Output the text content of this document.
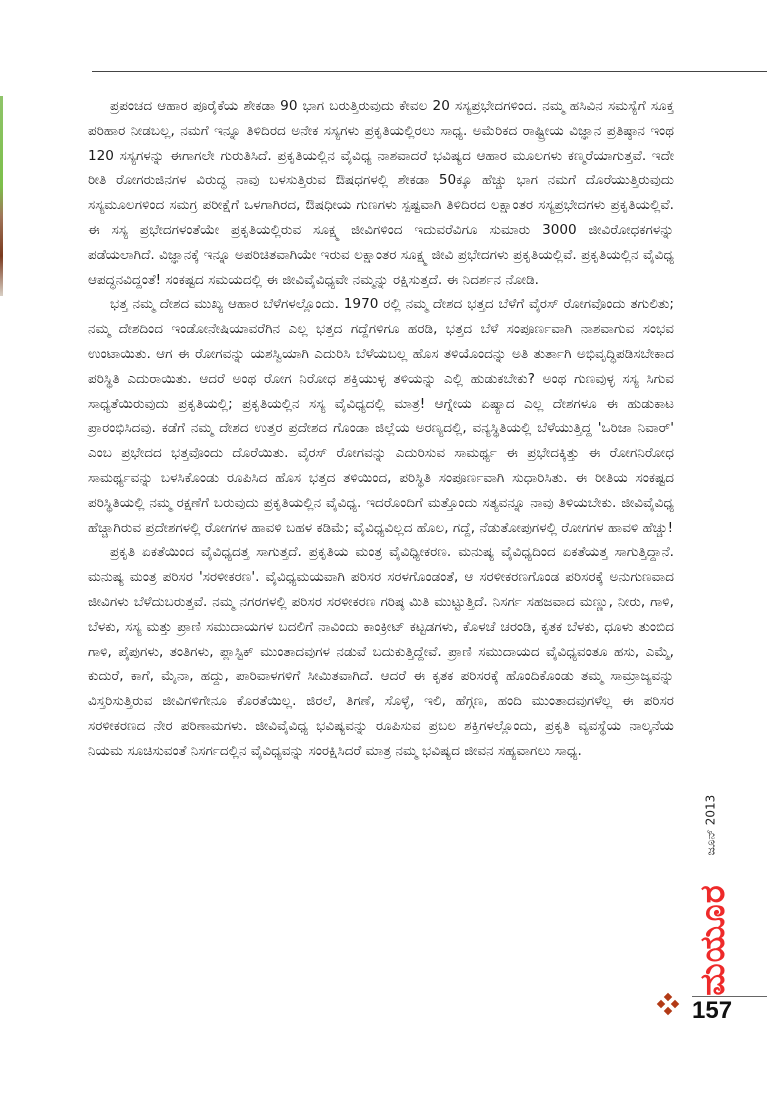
ಪ್ರಪಂಚದ ಆಹಾರ ಪೂರೈಕೆಯ ಶೇಕಡಾ 90 ಭಾಗ ಬರುತ್ತಿರುವುದು ಕೇವಲ 20 ಸಸ್ಯಪ್ರಭೇದಗಳಿಂದ. ನಮ್ಮ ಹಸಿವಿನ ಸಮಸ್ಯೆಗೆ ಸೂಕ್ತ ಪರಿಹಾರ ನೀಡಬಲ್ಲ, ನಮಗೆ ಇನ್ನೂ ತಿಳಿದಿರದ ಅನೇಕ ಸಸ್ಯಗಳು ಪ್ರಕೃತಿಯಲ್ಲಿರಲು ಸಾಧ್ಯ. ಅಮೆರಿಕದ ರಾಷ್ಟ್ರೀಯ ವಿಜ್ಞಾನ ಪ್ರತಿಷ್ಠಾನ ಇಂಥ 120 ಸಸ್ಯಗಳನ್ನು ಈಗಾಗಲೇ ಗುರುತಿಸಿದೆ. ಪ್ರಕೃತಿಯಲ್ಲಿನ ವೈವಿಧ್ಯ ನಾಶವಾದರೆ ಭವಿಷ್ಯದ ಆಹಾರ ಮೂಲಗಳು ಕಣ್ಮರೆಯಾಗುತ್ತವೆ. ಇದೇ ರೀತಿ ರೋಗರುಜಿನಗಳ ವಿರುದ್ಧ ನಾವು ಬಳಸುತ್ತಿರುವ ಔಷಧಗಳಲ್ಲಿ ಶೇಕಡಾ 50ಕ್ಕೂ ಹೆಚ್ಚು ಭಾಗ ನಮಗೆ ದೊರೆಯುತ್ತಿರುವುದು ಸಸ್ಯಮೂಲಗಳಿಂದ ಸಮಗ್ರ ಪರೀಕ್ಷೆಗೆ ಒಳಗಾಗಿರದ, ಔಷಧೀಯ ಗುಣಗಳು ಸ್ಪಷ್ಟವಾಗಿ ತಿಳಿದಿರದ ಲಕ್ಷಾಂತರ ಸಸ್ಯಪ್ರಭೇದಗಳು ಪ್ರಕೃತಿಯಲ್ಲಿವೆ. ಈ ಸಸ್ಯ ಪ್ರಭೇದಗಳಂತೆಯೇ ಪ್ರಕೃತಿಯಲ್ಲಿರುವ ಸೂಕ್ಷ್ಮ ಜೀವಿಗಳಿಂದ ಇದುವರೆವಿಗೂ ಸುಮಾರು 3000 ಜೀವಿರೋಧಕಗಳನ್ನು ಪಡೆಯಲಾಗಿದೆ. ವಿಜ್ಞಾನಕ್ಕೆ ಇನ್ನೂ ಅಪರಿಚಿತವಾಗಿಯೇ ಇರುವ ಲಕ್ಷಾಂತರ ಸೂಕ್ಷ್ಮ ಜೀವಿ ಪ್ರಭೇದಗಳು ಪ್ರಕೃತಿಯಲ್ಲಿವೆ. ಪ್ರಕೃತಿಯಲ್ಲಿನ ವೈವಿಧ್ಯ ಆಪದ್ಧನವಿದ್ದಂತೆ! ಸಂಕಷ್ಟದ ಸಮಯದಲ್ಲಿ ಈ ಜೀವಿವೈವಿಧ್ಯವೇ ನಮ್ಮನ್ನು ರಕ್ಷಿಸುತ್ತದೆ. ಈ ನಿದರ್ಶನ ನೋಡಿ.

ಭತ್ತ ನಮ್ಮ ದೇಶದ ಮುಖ್ಯ ಆಹಾರ ಬೆಳೆಗಳಲ್ಲೊಂದು. 1970 ರಲ್ಲಿ ನಮ್ಮ ದೇಶದ ಭತ್ತದ ಬೆಳೆಗೆ ವೈರಸ್ ರೋಗವೊಂದು ತಗುಲಿತು; ನಮ್ಮ ದೇಶದಿಂದ ಇಂಡೋನೇಷಿಯಾವರೆಗಿನ ಎಲ್ಲ ಭತ್ತದ ಗದ್ದೆಗಳಿಗೂ ಹರಡಿ, ಭತ್ತದ ಬೆಳೆ ಸಂಪೂರ್ಣವಾಗಿ ನಾಶವಾಗುವ ಸಂಭವ ಉಂಟಾಯಿತು. ಆಗ ಈ ರೋಗವನ್ನು ಯಶಸ್ವಿಯಾಗಿ ಎದುರಿಸಿ ಬೆಳೆಯಬಲ್ಲ ಹೊಸ ತಳಿಯೊಂದನ್ನು ಅತಿ ತುರ್ತಾಗಿ ಅಭಿವೃದ್ಧಿಪಡಿಸಬೇಕಾದ ಪರಿಸ್ಥಿತಿ ಎದುರಾಯಿತು. ಆದರೆ ಅಂಥ ರೋಗ ನಿರೋಧ ಶಕ್ತಿಯುಳ್ಳ ತಳಿಯನ್ನು ಎಲ್ಲಿ ಹುಡುಕಬೇಕು? ಅಂಥ ಗುಣವುಳ್ಳ ಸಸ್ಯ ಸಿಗುವ ಸಾಧ್ಯತೆಯಿರುವುದು ಪ್ರಕೃತಿಯಲ್ಲಿ; ಪ್ರಕೃತಿಯಲ್ಲಿನ ಸಸ್ಯ ವೈವಿಧ್ಯದಲ್ಲಿ ಮಾತ್ರ! ಆಗ್ನೇಯ ಏಷ್ಯಾದ ಎಲ್ಲ ದೇಶಗಳೂ ಈ ಹುಡುಕಾಟ ಪ್ರಾರಂಭಿಸಿದವು. ಕಡೆಗೆ ನಮ್ಮ ದೇಶದ ಉತ್ತರ ಪ್ರದೇಶದ ಗೊಂಡಾ ಜಿಲ್ಲೆಯ ಅರಣ್ಯದಲ್ಲಿ, ವನ್ಯಸ್ಥಿತಿಯಲ್ಲಿ ಬೆಳೆಯುತ್ತಿದ್ದ 'ಒರಿಜಾ ನಿವಾರ್' ಎಂಬ ಪ್ರಭೇದದ ಭತ್ತವೊಂದು ದೊರೆಯಿತು. ವೈರಸ್ ರೋಗವನ್ನು ಎದುರಿಸುವ ಸಾಮರ್ಥ್ಯ ಈ ಪ್ರಭೇದಕ್ಕಿತ್ತು ಈ ರೋಗನಿರೋಧ ಸಾಮರ್ಥ್ಯವನ್ನು ಬಳಸಿಕೊಂಡು ರೂಪಿಸಿದ ಹೊಸ ಭತ್ತದ ತಳಿಯಿಂದ, ಪರಿಸ್ಥಿತಿ ಸಂಪೂರ್ಣವಾಗಿ ಸುಧಾರಿಸಿತು. ಈ ರೀತಿಯ ಸಂಕಷ್ಟದ ಪರಿಸ್ಥಿತಿಯಲ್ಲಿ ನಮ್ಮ ರಕ್ಷಣೆಗೆ ಬರುವುದು ಪ್ರಕೃತಿಯಲ್ಲಿನ ವೈವಿಧ್ಯ. ಇದರೊಂದಿಗೆ ಮತ್ತೊಂದು ಸತ್ಯವನ್ನೂ ನಾವು ತಿಳಿಯಬೇಕು. ಜೀವಿವೈವಿಧ್ಯ ಹೆಚ್ಚಾಗಿರುವ ಪ್ರದೇಶಗಳಲ್ಲಿ ರೋಗಗಳ ಹಾವಳಿ ಬಹಳ ಕಡಿಮೆ; ವೈವಿಧ್ಯವಿಲ್ಲದ ಹೊಲ, ಗದ್ದೆ, ನೆಡುತೋಪುಗಳಲ್ಲಿ ರೋಗಗಳ ಹಾವಳಿ ಹೆಚ್ಚು!

ಪ್ರಕೃತಿ ಏಕತೆಯಿಂದ ವೈವಿಧ್ಯದತ್ತ ಸಾಗುತ್ತದೆ. ಪ್ರಕೃತಿಯ ಮಂತ್ರ ವೈವಿಧ್ಯೀಕರಣ. ಮನುಷ್ಯ ವೈವಿಧ್ಯದಿಂದ ಏಕತೆಯತ್ತ ಸಾಗುತ್ತಿದ್ದಾನೆ. ಮನುಷ್ಯ ಮಂತ್ರ ಪರಿಸರ 'ಸರಳೀಕರಣ'. ವೈವಿಧ್ಯಮಯವಾಗಿ ಪರಿಸರ ಸರಳಗೊಂಡಂತೆ, ಆ ಸರಳೀಕರಣಗೊಂಡ ಪರಿಸರಕ್ಕೆ ಅನುಗುಣವಾದ ಜೀವಿಗಳು ಬೆಳೆದುಬರುತ್ತವೆ. ನಮ್ಮ ನಗರಗಳಲ್ಲಿ ಪರಿಸರ ಸರಳೀಕರಣ ಗರಿಷ್ಠ ಮಿತಿ ಮುಟ್ಟುತ್ತಿದೆ. ನಿಸರ್ಗ ಸಹಜವಾದ ಮಣ್ಣು, ನೀರು, ಗಾಳಿ, ಬೆಳಕು, ಸಸ್ಯ ಮತ್ತು ಪ್ರಾಣಿ ಸಮುದಾಯಗಳ ಬದಲಿಗೆ ನಾವಿಂದು ಕಾಂಕ್ರೀಟ್ ಕಟ್ಟಡಗಳು, ಕೊಳಚೆ ಚರಂಡಿ, ಕೃತಕ ಬೆಳಕು, ಧೂಳು ತುಂಬಿದ ಗಾಳಿ, ಪೈಪುಗಳು, ತಂತಿಗಳು, ಪ್ಲಾಸ್ಟಿಕ್ ಮುಂತಾದವುಗಳ ನಡುವೆ ಬದುಕುತ್ತಿದ್ದೇವೆ. ಪ್ರಾಣಿ ಸಮುದಾಯದ ವೈವಿಧ್ಯವಂತೂ ಹಸು, ಎಮ್ಮೆ, ಕುದುರೆ, ಕಾಗೆ, ಮೈನಾ, ಹದ್ದು, ಪಾರಿವಾಳಗಳಿಗೆ ಸೀಮಿತವಾಗಿದೆ. ಆದರೆ ಈ ಕೃತಕ ಪರಿಸರಕ್ಕೆ ಹೊಂದಿಕೊಂಡು ತಮ್ಮ ಸಾಮ್ರಾಜ್ಯವನ್ನು ವಿಸ್ತರಿಸುತ್ತಿರುವ ಜೀವಿಗಳಿಗೇನೂ ಕೊರತೆಯಿಲ್ಲ. ಜಿರಲೆ, ತಿಗಣೆ, ಸೊಳ್ಳೆ, ಇಲಿ, ಹೆಗ್ಗಣ, ಹಂದಿ ಮುಂತಾದವುಗಳೆಲ್ಲ ಈ ಪರಿಸರ ಸರಳೀಕರಣದ ನೇರ ಪರಿಣಾಮಗಳು. ಜೀವಿವೈವಿಧ್ಯ ಭವಿಷ್ಯವನ್ನು ರೂಪಿಸುವ ಪ್ರಬಲ ಶಕ್ತಿಗಳಲ್ಲೊಂದು, ಪ್ರಕೃತಿ ವ್ಯವಸ್ಥೆಯ ನಾಲ್ಕನೆಯ ನಿಯಮ ಸೂಚಿಸುವಂತೆ ನಿಸರ್ಗದಲ್ಲಿನ ವೈವಿಧ್ಯವನ್ನು ಸಂರಕ್ಷಿಸಿದರೆ ಮಾತ್ರ ನಮ್ಮ ಭವಿಷ್ಯದ ಜೀವನ ಸಹ್ಯವಾಗಲು ಸಾಧ್ಯ.

ಜೂನ್ 2013
ಮಯೂರ
157
